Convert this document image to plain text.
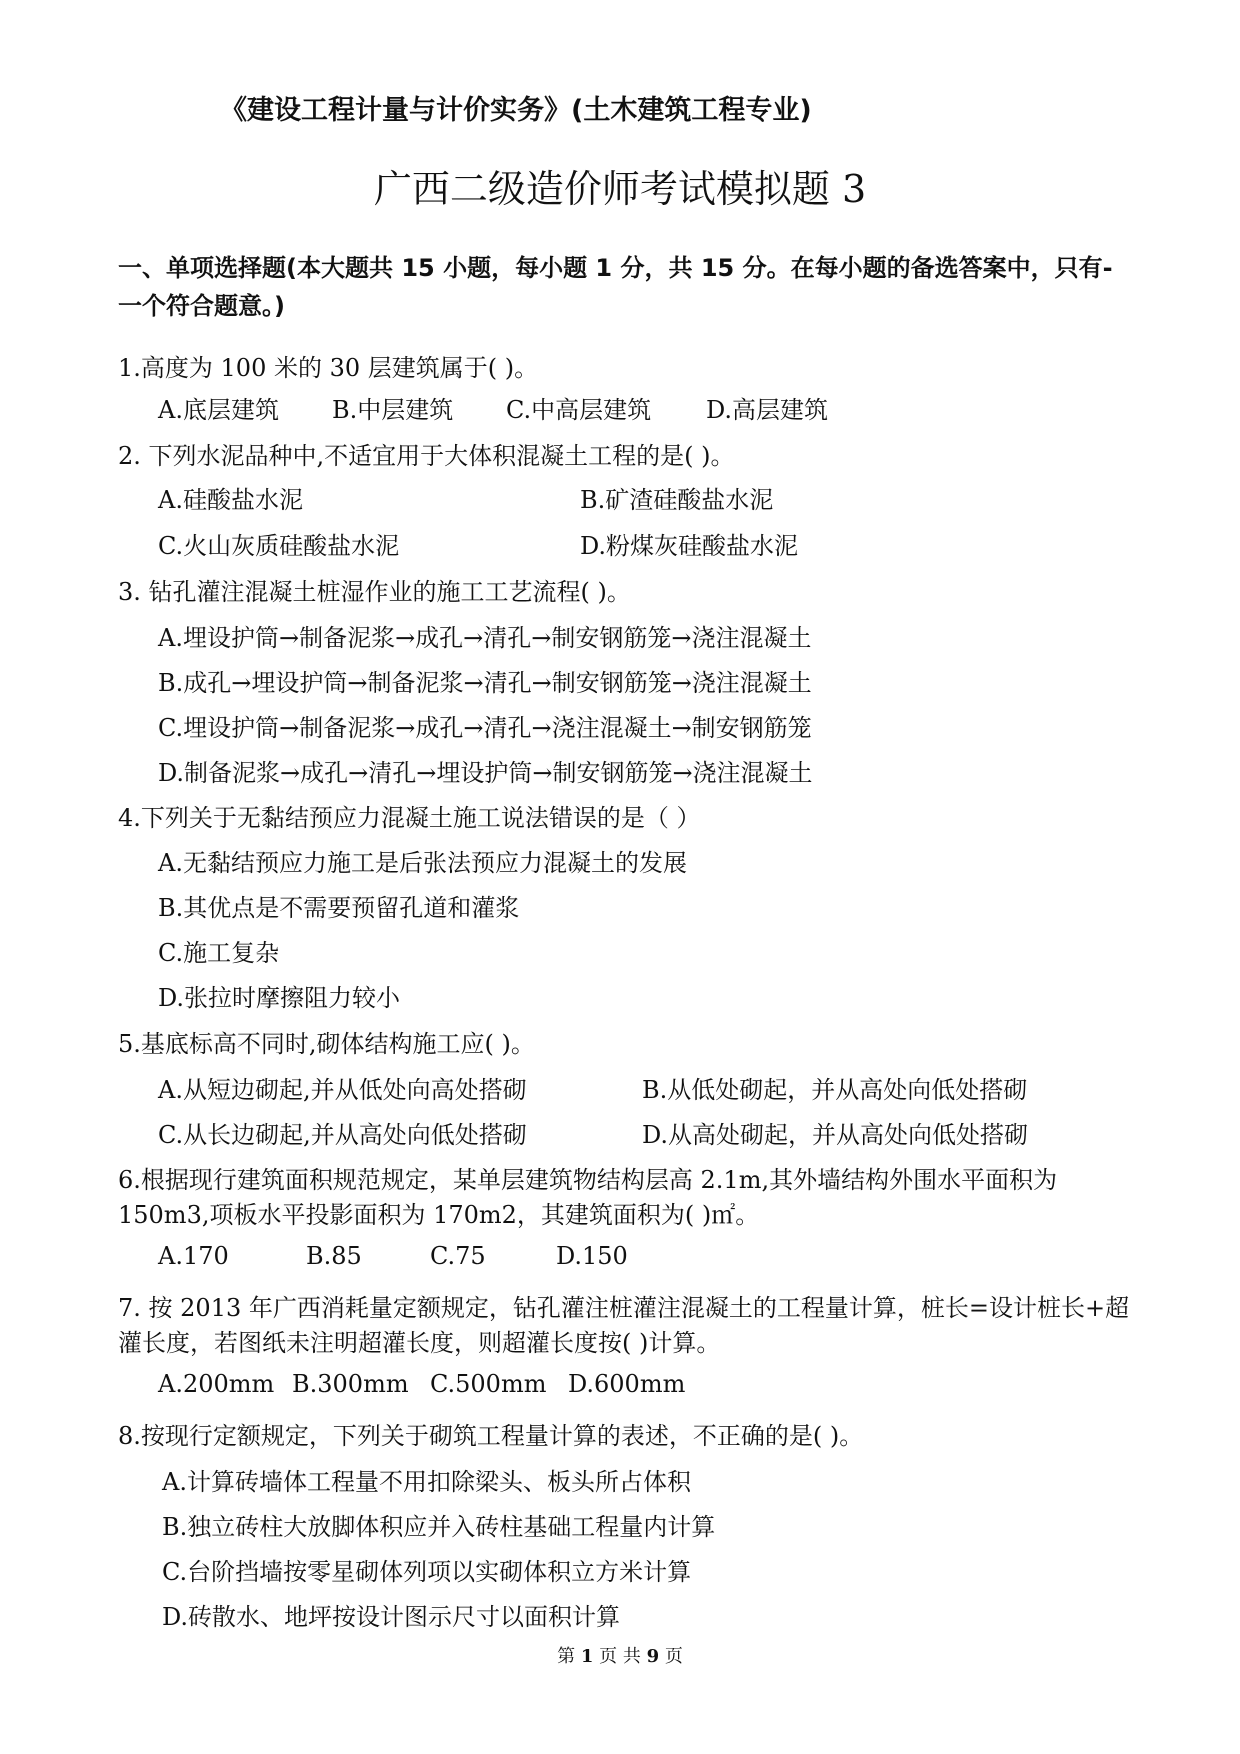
《建设工程计量与计价实务》(土木建筑工程专业)
广西二级造价师考试模拟题 3
一、单项选择题(本大题共 15 小题，每小题 1 分，共 15 分。在每小题的备选答案中，只有-
一个符合题意。)
1.高度为 100 米的 30 层建筑属于( )。
A.底层建筑 B.中层建筑 C.中高层建筑 D.高层建筑
2. 下列水泥品种中,不适宜用于大体积混凝土工程的是( )。
A.硅酸盐水泥	B.矿渣硅酸盐水泥
C.火山灰质硅酸盐水泥	D.粉煤灰硅酸盐水泥
3. 钻孔灌注混凝土桩湿作业的施工工艺流程( )。
A.埋设护筒→制备泥浆→成孔→清孔→制安钢筋笼→浇注混凝土
B.成孔→埋设护筒→制备泥浆→清孔→制安钢筋笼→浇注混凝土
C.埋设护筒→制备泥浆→成孔→清孔→浇注混凝土→制安钢筋笼
D.制备泥浆→成孔→清孔→埋设护筒→制安钢筋笼→浇注混凝土
4.下列关于无黏结预应力混凝土施工说法错误的是（ ）
A.无黏结预应力施工是后张法预应力混凝土的发展
B.其优点是不需要预留孔道和灌浆
C.施工复杂
D.张拉时摩擦阻力较小
5.基底标高不同时,砌体结构施工应( )。
A.从短边砌起,并从低处向高处搭砌	B.从低处砌起，并从高处向低处搭砌
C.从长边砌起,并从高处向低处搭砌	D.从高处砌起，并从高处向低处搭砌
6.根据现行建筑面积规范规定，某单层建筑物结构层高 2.1m,其外墙结构外围水平面积为
150m3,项板水平投影面积为 170m2，其建筑面积为( )㎡。
A.170	B.85	C.75	D.150
7. 按 2013 年广西消耗量定额规定，钻孔灌注桩灌注混凝土的工程量计算，桩长=设计桩长+超
灌长度，若图纸未注明超灌长度，则超灌长度按( )计算。
A.200mm B.300mm C.500mm D.600mm
8.按现行定额规定，下列关于砌筑工程量计算的表述，不正确的是( )。
A.计算砖墙体工程量不用扣除梁头、板头所占体积
B.独立砖柱大放脚体积应并入砖柱基础工程量内计算
C.台阶挡墙按零星砌体列项以实砌体积立方米计算
D.砖散水、地坪按设计图示尺寸以面积计算
第 1 页 共 9 页
